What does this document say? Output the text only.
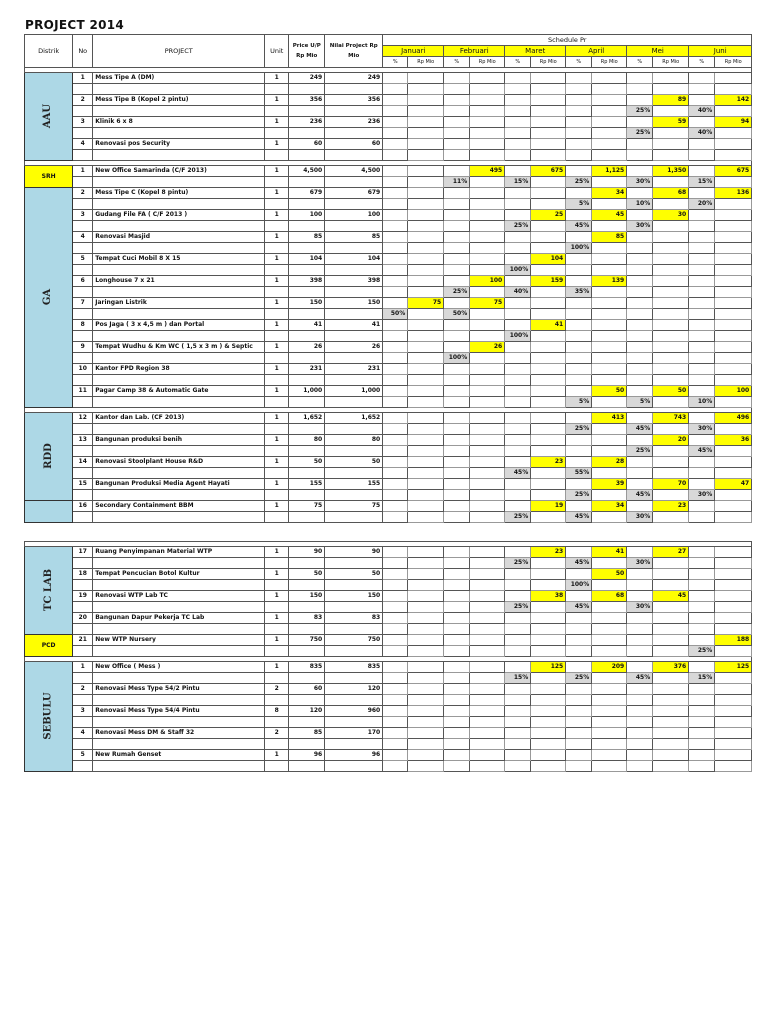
PROJECT 2014
Distrik	No	PROJECT	Unit	Price U/P Rp Mio	Nilai Project Rp Mio	Schedule Pr											
						Januari		Februari		Maret		April		Mei		Juni	
						%	Rp Mio	%	Rp Mio	%	Rp Mio	%	Rp Mio	%	Rp Mio	%	Rp Mio

AAU	1	Mess Tipe A (DM)	1	249	249												

	2	Mess Tipe B (Kopel 2 pintu)	1	356	356										89		142
														25%		40%	
	3	Klinik 6 x 8	1	236	236										59		94
														25%		40%	
	4	Renovasi pos Security	1	60	60												

SRH	1	New Office Samarinda (C/F 2013)	1	4,500	4,500				495		675		1,125		1,350		675
								11%		15%		25%		30%		15%	
GA	2	Mess Tipe C (Kopel 8 pintu)	1	679	679								34		68		136
												5%		10%		20%	
	3	Gudang File FA ( C/F 2013 )	1	100	100						25		45		30		
										25%		45%		30%			
	4	Renovasi Masjid	1	85	85								85				
												100%					
	5	Tempat Cuci Mobil 8 X 15	1	104	104						104						
										100%							
	6	Longhouse 7 x 21	1	398	398				100		159		139				
								25%		40%		35%					
	7	Jaringan Listrik	1	150	150		75		75								
						50%		50%									
	8	Pos Jaga ( 3 x 4,5 m ) dan Portal	1	41	41						41						
										100%							
	9	Tempat Wudhu & Km WC ( 1,5 x 3 m ) & Septic	1	26	26				26								
								100%									
	10	Kantor FPD Region 38	1	231	231												

	11	Pagar Camp 38 & Automatic Gate	1	1,000	1,000								50		50		100
												5%		5%		10%	

RDD	12	Kantor dan Lab. (CF 2013)	1	1,652	1,652								413		743		496
												25%		45%		30%	
	13	Bangunan produksi benih	1	80	80										20		36
														25%		45%	
	14	Renovasi Stoolplant House R&D	1	50	50						23		28				
										45%		55%					
	15	Bangunan Produksi Media Agent Hayati	1	155	155								39		70		47
												25%		45%		30%	
	16	Secondary Containment BBM	1	75	75						19		34		23		
										25%		45%		30%			

TC LAB	17	Ruang Penyimpanan Material WTP	1	90	90						23		41		27		
										25%		45%		30%			
	18	Tempat Pencucian Botol Kultur	1	50	50								50				
												100%					
	19	Renovasi WTP Lab TC	1	150	150						38		68		45		
										25%		45%		30%			
	20	Bangunan Dapur Pekerja TC Lab	1	83	83												

PCD	21	New WTP Nursery	1	750	750												188
																25%	

SEBULU	1	New Office ( Mess )	1	835	835						125		209		376		125
										15%		25%		45%		15%	
	2	Renovasi Mess Type 54/2 Pintu	2	60	120												

	3	Renovasi Mess Type 54/4 Pintu	8	120	960												

	4	Renovasi Mess DM & Staff 32	2	85	170												

	5	New Rumah Genset	1	96	96												
